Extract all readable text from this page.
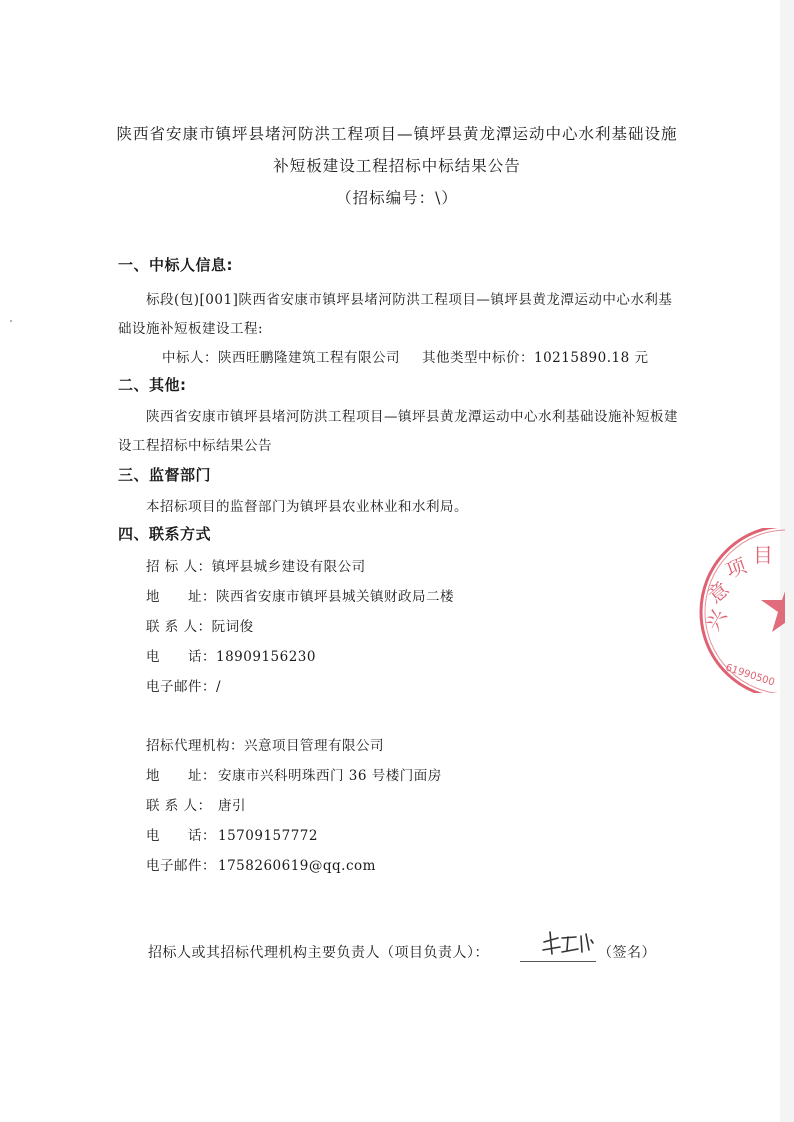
陕西省安康市镇坪县堵河防洪工程项目—镇坪县黄龙潭运动中心水利基础设施
补短板建设工程招标中标结果公告
（招标编号：\）
一、中标人信息:
标段(包)[001]陕西省安康市镇坪县堵河防洪工程项目—镇坪县黄龙潭运动中心水利基
础设施补短板建设工程:
中标人：陕西旺鹏隆建筑工程有限公司 其他类型中标价：10215890.18 元
二、其他:
陕西省安康市镇坪县堵河防洪工程项目—镇坪县黄龙潭运动中心水利基础设施补短板建
设工程招标中标结果公告
三、监督部门
本招标项目的监督部门为镇坪县农业林业和水利局。
四、联系方式
招 标 人：镇坪县城乡建设有限公司
地　　址：陕西省安康市镇坪县城关镇财政局二楼
联 系 人：阮词俊
电　　话：18909156230
电子邮件：/
招标代理机构：兴意项目管理有限公司
地　　址： 安康市兴科明珠西门 36 号楼门面房
联 系 人： 唐引
电　　话： 15709157772
电子邮件： 1758260619@qq.com
招标人或其招标代理机构主要负责人（项目负责人）：	（签名）
兴
意
项 目
61990500
